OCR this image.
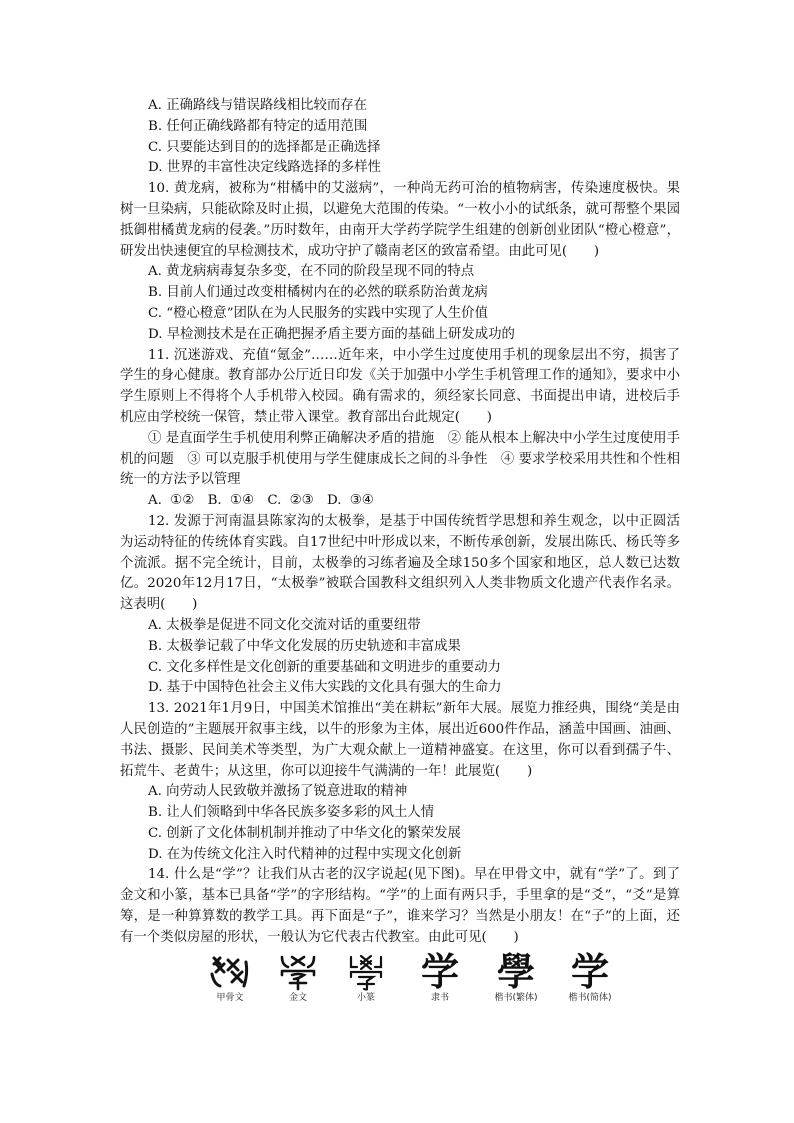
A. 正确路线与错误路线相比较而存在
B. 任何正确线路都有特定的适用范围
C. 只要能达到目的的选择都是正确选择
D. 世界的丰富性决定线路选择的多样性
10. 黄龙病，被称为“柑橘中的艾滋病”，一种尚无药可治的植物病害，传染速度极快。果树一旦染病，只能砍除及时止损，以避免大范围的传染。“一枚小小的试纸条，就可帮整个果园抵御柑橘黄龙病的侵袭。”历时数年，由南开大学药学院学生组建的创新创业团队“橙心橙意”，研发出快速便宜的早检测技术，成功守护了赣南老区的致富希望。由此可见(　　)
A. 黄龙病病毒复杂多变，在不同的阶段呈现不同的特点
B. 目前人们通过改变柑橘树内在的必然的联系防治黄龙病
C. “橙心橙意”团队在为人民服务的实践中实现了人生价值
D. 早检测技术是在正确把握矛盾主要方面的基础上研发成功的
11. 沉迷游戏、充值“氪金”……近年来，中小学生过度使用手机的现象层出不穷，损害了学生的身心健康。教育部办公厅近日印发《关于加强中小学生手机管理工作的通知》，要求中小学生原则上不得将个人手机带入校园。确有需求的，须经家长同意、书面提出申请，进校后手机应由学校统一保管，禁止带入课堂。教育部出台此规定(　　)
① 是直面学生手机使用利弊正确解决矛盾的措施　② 能从根本上解决中小学生过度使用手机的问题　③ 可以克服手机使用与学生健康成长之间的斗争性　④ 要求学校采用共性和个性相统一的方法予以管理
A. ①②　B. ①④　C. ②③　D. ③④
12. 发源于河南温县陈家沟的太极拳，是基于中国传统哲学思想和养生观念，以中正圆活为运动特征的传统体育实践。自17世纪中叶形成以来，不断传承创新，发展出陈氏、杨氏等多个流派。据不完全统计，目前，太极拳的习练者遍及全球150多个国家和地区，总人数已达数亿。2020年12月17日，“太极拳”被联合国教科文组织列入人类非物质文化遗产代表作名录。这表明(　　)
A. 太极拳是促进不同文化交流对话的重要纽带
B. 太极拳记载了中华文化发展的历史轨迹和丰富成果
C. 文化多样性是文化创新的重要基础和文明进步的重要动力
D. 基于中国特色社会主义伟大实践的文化具有强大的生命力
13. 2021年1月9日，中国美术馆推出“美在耕耘”新年大展。展览力推经典，围绕“美是由人民创造的”主题展开叙事主线，以牛的形象为主体，展出近600件作品，涵盖中国画、油画、书法、摄影、民间美术等类型，为广大观众献上一道精神盛宴。在这里，你可以看到孺子牛、拓荒牛、老黄牛；从这里，你可以迎接牛气满满的一年！此展览(　　)
A. 向劳动人民致敬并激扬了锐意进取的精神
B. 让人们领略到中华各民族多姿多彩的风土人情
C. 创新了文化体制机制并推动了中华文化的繁荣发展
D. 在为传统文化注入时代精神的过程中实现文化创新
14. 什么是“学”？让我们从古老的汉字说起(见下图)。早在甲骨文中，就有“学”了。到了金文和小篆，基本已具备“学”的字形结构。“学”的上面有两只手，手里拿的是“爻”，“爻”是算筹，是一种算算数的教学工具。再下面是“子”，谁来学习？当然是小朋友！在“子”的上面，还有一个类似房屋的形状，一般认为它代表古代教室。由此可见(　　)
甲骨文	金文	小篆
学
隶书
學
楷书(繁体)
学
楷书(简体)
